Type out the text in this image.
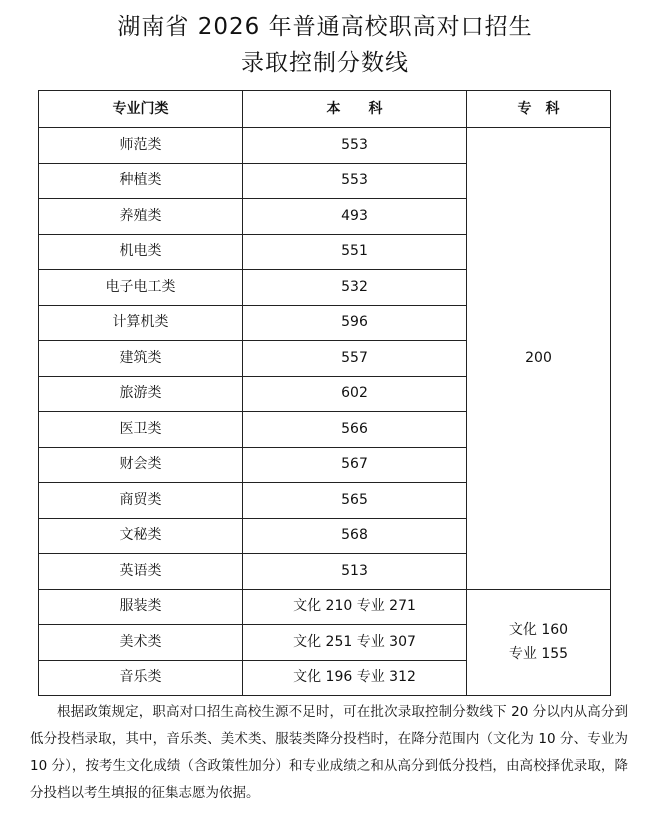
湖南省 2026 年普通高校职高对口招生
录取控制分数线
专业门类	本　　科	专　科
师范类	553	200
种植类	553	
养殖类	493	
机电类	551	
电子电工类	532	
计算机类	596	
建筑类	557	
旅游类	602	
医卫类	566	
财会类	567	
商贸类	565	
文秘类	568	
英语类	513	
服装类	文化 210 专业 271	文化 160
专业 155

美术类	文化 251 专业 307	
音乐类	文化 196 专业 312	

根据政策规定，职高对口招生高校生源不足时，可在批次录取控制分数线下 20 分以内从高分到低分投档录取，其中，音乐类、美术类、服装类降分投档时，在降分范围内（文化为 10 分、专业为10 分），按考生文化成绩（含政策性加分）和专业成绩之和从高分到低分投档，由高校择优录取，降分投档以考生填报的征集志愿为依据。
